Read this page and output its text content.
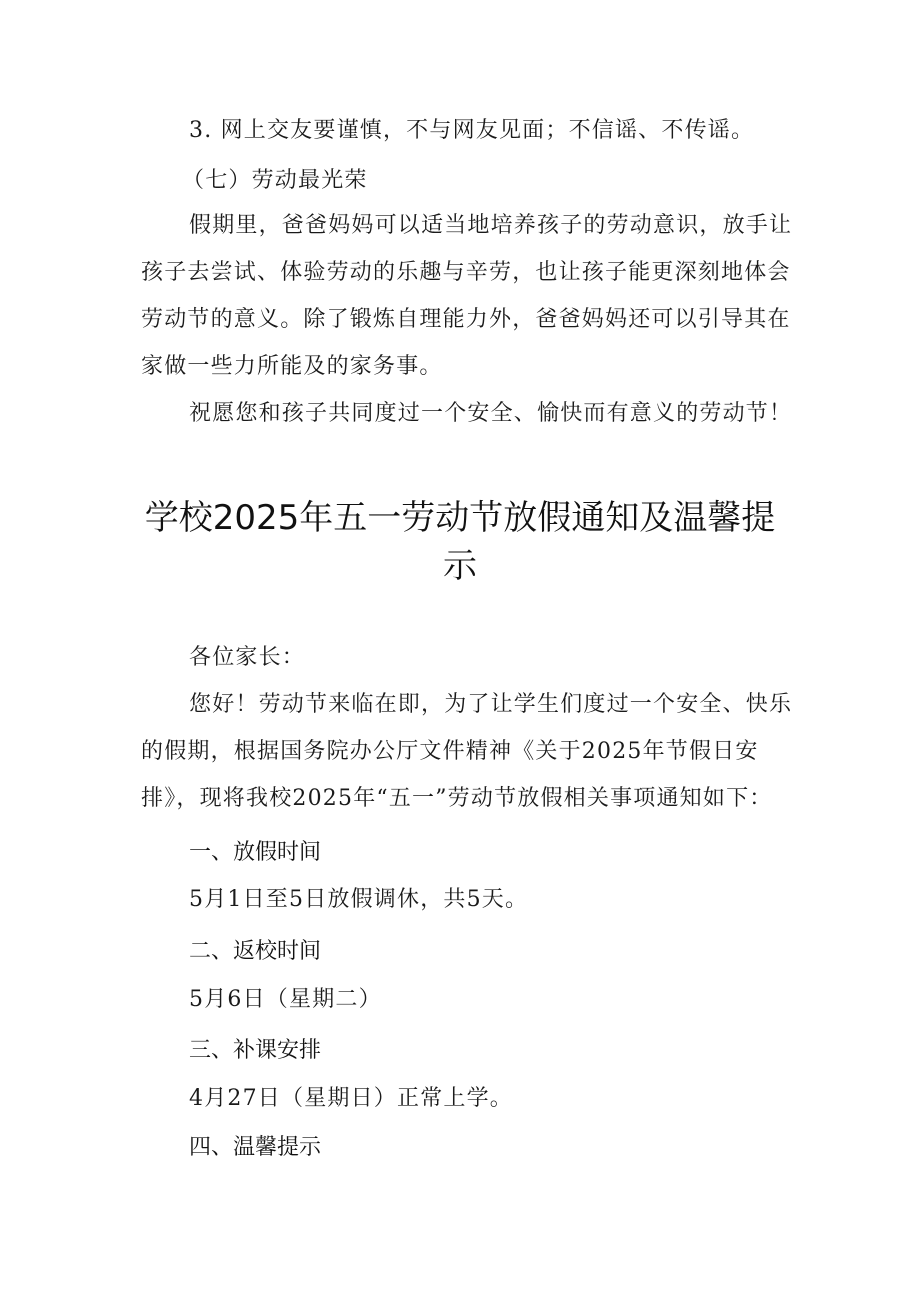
3. 网上交友要谨慎，不与网友见面；不信谣、不传谣。
（七）劳动最光荣
假期里，爸爸妈妈可以适当地培养孩子的劳动意识，放手让
孩子去尝试、体验劳动的乐趣与辛劳，也让孩子能更深刻地体会
劳动节的意义。除了锻炼自理能力外，爸爸妈妈还可以引导其在
家做一些力所能及的家务事。
祝愿您和孩子共同度过一个安全、愉快而有意义的劳动节！
学校2025年五一劳动节放假通知及温馨提
示
各位家长：
您好！劳动节来临在即，为了让学生们度过一个安全、快乐
的假期，根据国务院办公厅文件精神《关于2025年节假日安
排》，现将我校2025年“五一”劳动节放假相关事项通知如下：
一、放假时间
5月1日至5日放假调休，共5天。
二、返校时间
5月6日（星期二）
三、补课安排
4月27日（星期日）正常上学。
四、温馨提示
